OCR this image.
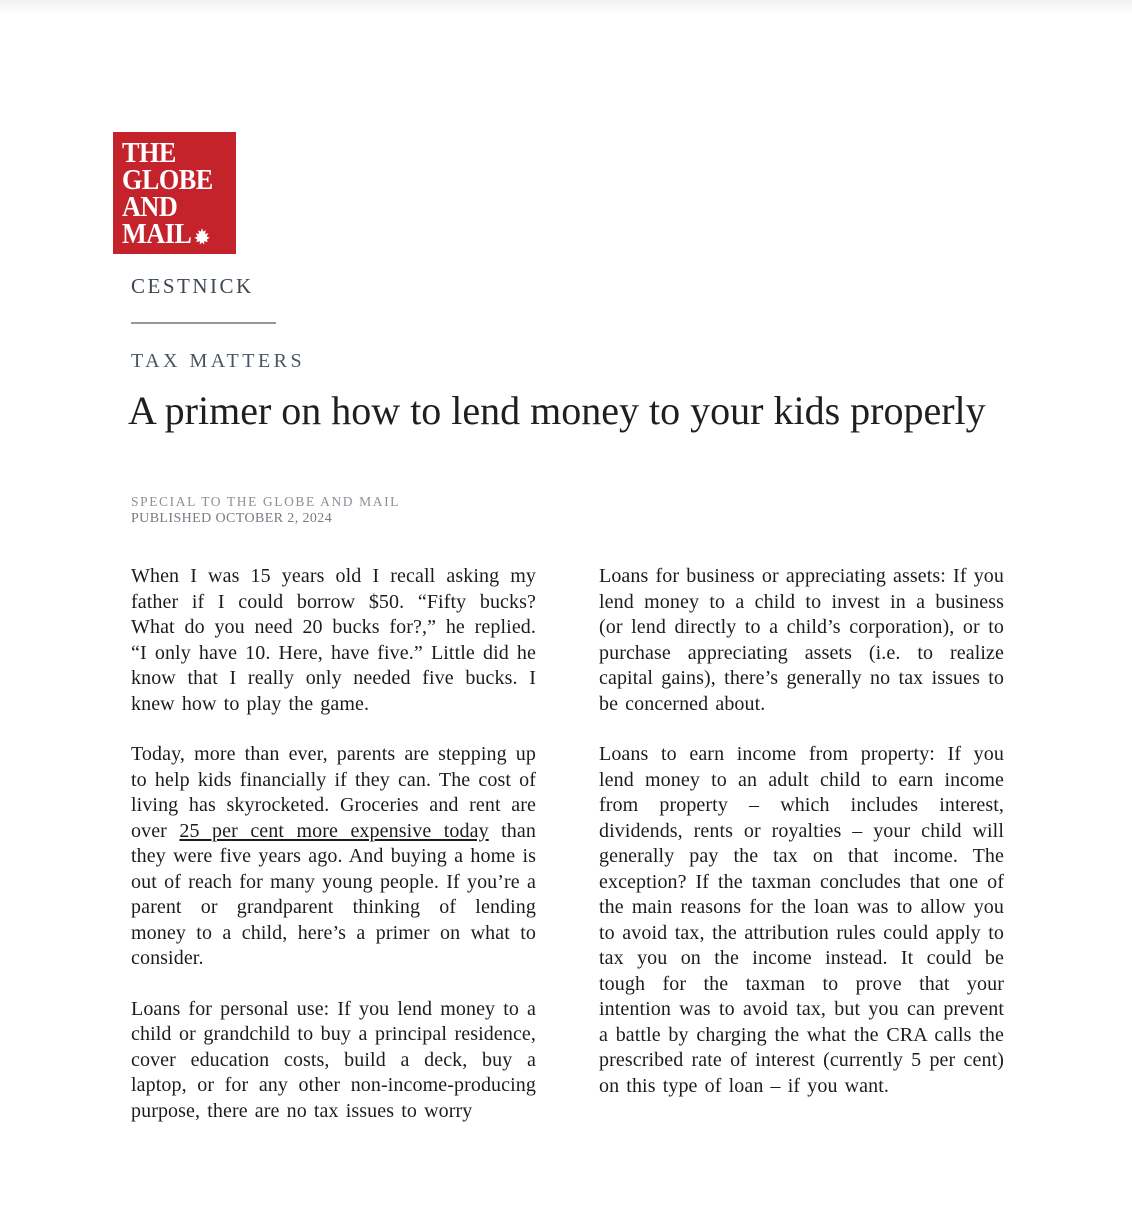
THE
GLOBE
AND
MAIL
CESTNICK
TAX MATTERS
A primer on how to lend money to your kids properly
SPECIAL TO THE GLOBE AND MAIL
PUBLISHED OCTOBER 2, 2024

When I was 15 years old I recall asking my father if I could borrow $50. “Fifty bucks? What do you need 20 bucks for?,” he replied. “I only have 10. Here, have five.” Little did he know that I really only needed five bucks. I knew how to play the game.

Today, more than ever, parents are stepping up to help kids financially if they can. The cost of living has skyrocketed. Groceries and rent are over 25 per cent more expensive today than they were five years ago. And buying a home is out of reach for many young people. If you’re a parent or grandparent thinking of lending money to a child, here’s a primer on what to consider.

Loans for personal use: If you lend money to a child or grandchild to buy a principal residence, cover education costs, build a deck, buy a laptop, or for any other non-income-producing purpose, there are no tax issues to worry

Loans for business or appreciating assets: If you lend money to a child to invest in a business (or lend directly to a child’s corporation), or to purchase appreciating assets (i.e. to realize capital gains), there’s generally no tax issues to be concerned about.

Loans to earn income from property: If you lend money to an adult child to earn income from property – which includes interest, dividends, rents or royalties – your child will generally pay the tax on that income. The exception? If the taxman concludes that one of the main reasons for the loan was to allow you to avoid tax, the attribution rules could apply to tax you on the income instead. It could be tough for the taxman to prove that your intention was to avoid tax, but you can prevent a battle by charging the what the CRA calls the prescribed rate of interest (currently 5 per cent) on this type of loan – if you want.
